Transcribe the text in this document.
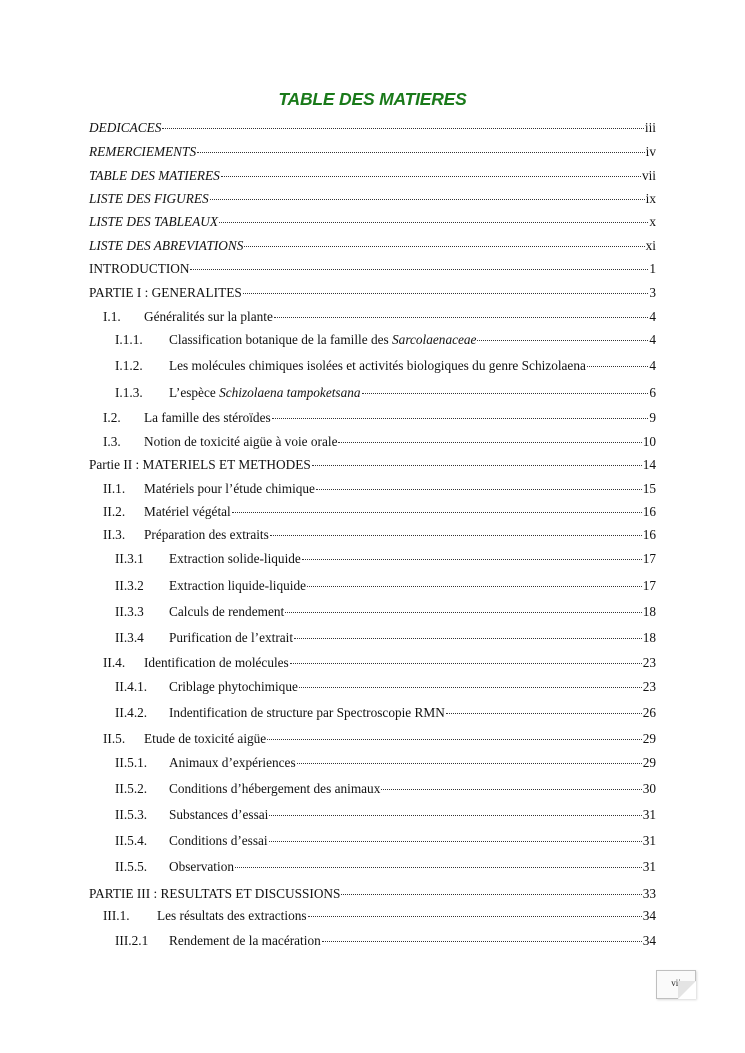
TABLE DES MATIERES
DEDICACES	iii
REMERCIEMENTS	iv
TABLE DES MATIERES	vii
LISTE DES FIGURES	ix
LISTE DES TABLEAUX	x
LISTE DES ABREVIATIONS	xi
INTRODUCTION	1
PARTIE I : GENERALITES	3
I.1.	Généralités sur la plante	4
I.1.1.	Classification botanique de la famille des Sarcolaenaceae	4
I.1.2.	Les molécules chimiques isolées et activités biologiques du genre Schizolaena	4
I.1.3.	L’espèce Schizolaena tampoketsana	6
I.2.	La famille des stéroïdes	9
I.3.	Notion de toxicité aigüe à voie orale	10
Partie II : MATERIELS ET METHODES	14
II.1.	Matériels pour l’étude chimique	15
II.2.	Matériel végétal	16
II.3.	Préparation des extraits	16
II.3.1	Extraction solide-liquide	17
II.3.2	Extraction liquide-liquide	17
II.3.3	Calculs de rendement	18
II.3.4	Purification de l’extrait	18
II.4.	Identification de molécules	23
II.4.1.	Criblage phytochimique	23
II.4.2.	Indentification de structure par Spectroscopie RMN	26
II.5.	Etude de toxicité aigüe	29
II.5.1.	Animaux d’expériences	29
II.5.2.	Conditions d’hébergement des animaux	30
II.5.3.	Substances d’essai	31
II.5.4.	Conditions d’essai	31
II.5.5.	Observation	31
PARTIE III : RESULTATS ET DISCUSSIONS	33
III.1.	Les résultats des extractions	34
III.2.1	Rendement de la macération	34
vii
